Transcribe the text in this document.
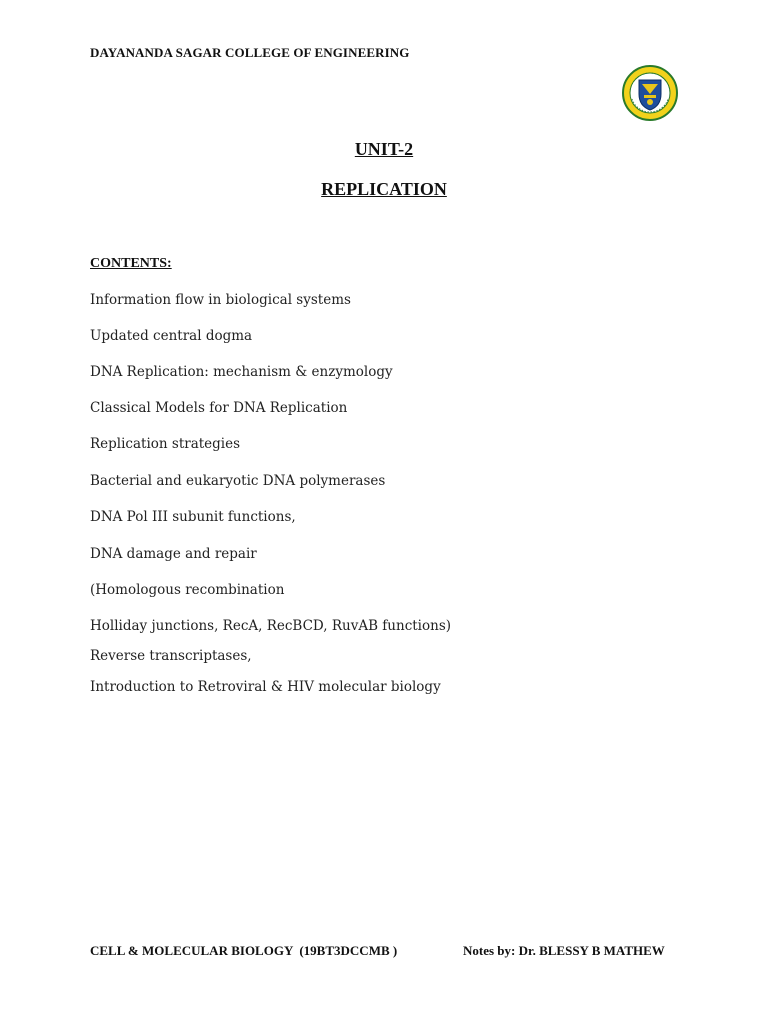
DAYANANDA SAGAR COLLEGE OF ENGINEERING
UNIT-2
REPLICATION
CONTENTS:
Information flow in biological systems
Updated central dogma
DNA Replication: mechanism & enzymology
Classical Models for DNA Replication
Replication strategies
Bacterial and eukaryotic DNA polymerases
DNA Pol III subunit functions,
DNA damage and repair
(Homologous recombination
Holliday junctions, RecA, RecBCD, RuvAB functions)
Reverse transcriptases,
Introduction to Retroviral & HIV molecular biology
CELL & MOLECULAR BIOLOGY  (19BT3DCCMB )	Notes by: Dr. BLESSY B MATHEW
